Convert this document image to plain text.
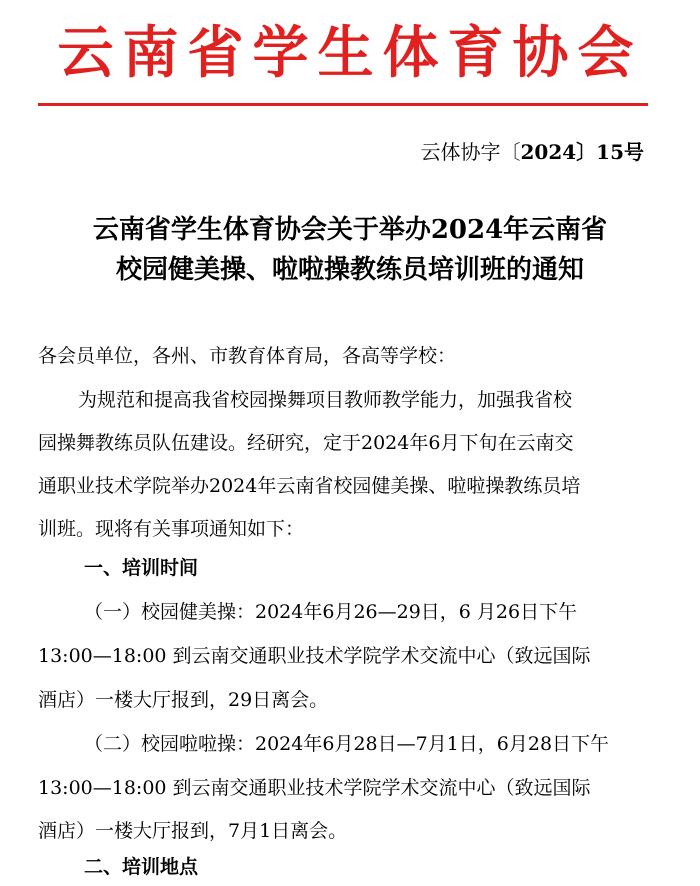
云南省学生体育协会
云体协字〔2024〕15号
云南省学生体育协会关于举办2024年云南省
校园健美操、啦啦操教练员培训班的通知
各会员单位，各州、市教育体育局，各高等学校：
为规范和提高我省校园操舞项目教师教学能力，加强我省校
园操舞教练员队伍建设。经研究，定于2024年6月下旬在云南交
通职业技术学院举办2024年云南省校园健美操、啦啦操教练员培
训班。现将有关事项通知如下：
一、培训时间
（一）校园健美操：2024年6月26—29日，6 月26日下午
13:00—18:00 到云南交通职业技术学院学术交流中心（致远国际
酒店）一楼大厅报到，29日离会。
（二）校园啦啦操：2024年6月28日—7月1日，6月28日下午
13:00—18:00 到云南交通职业技术学院学术交流中心（致远国际
酒店）一楼大厅报到，7月1日离会。
二、培训地点
